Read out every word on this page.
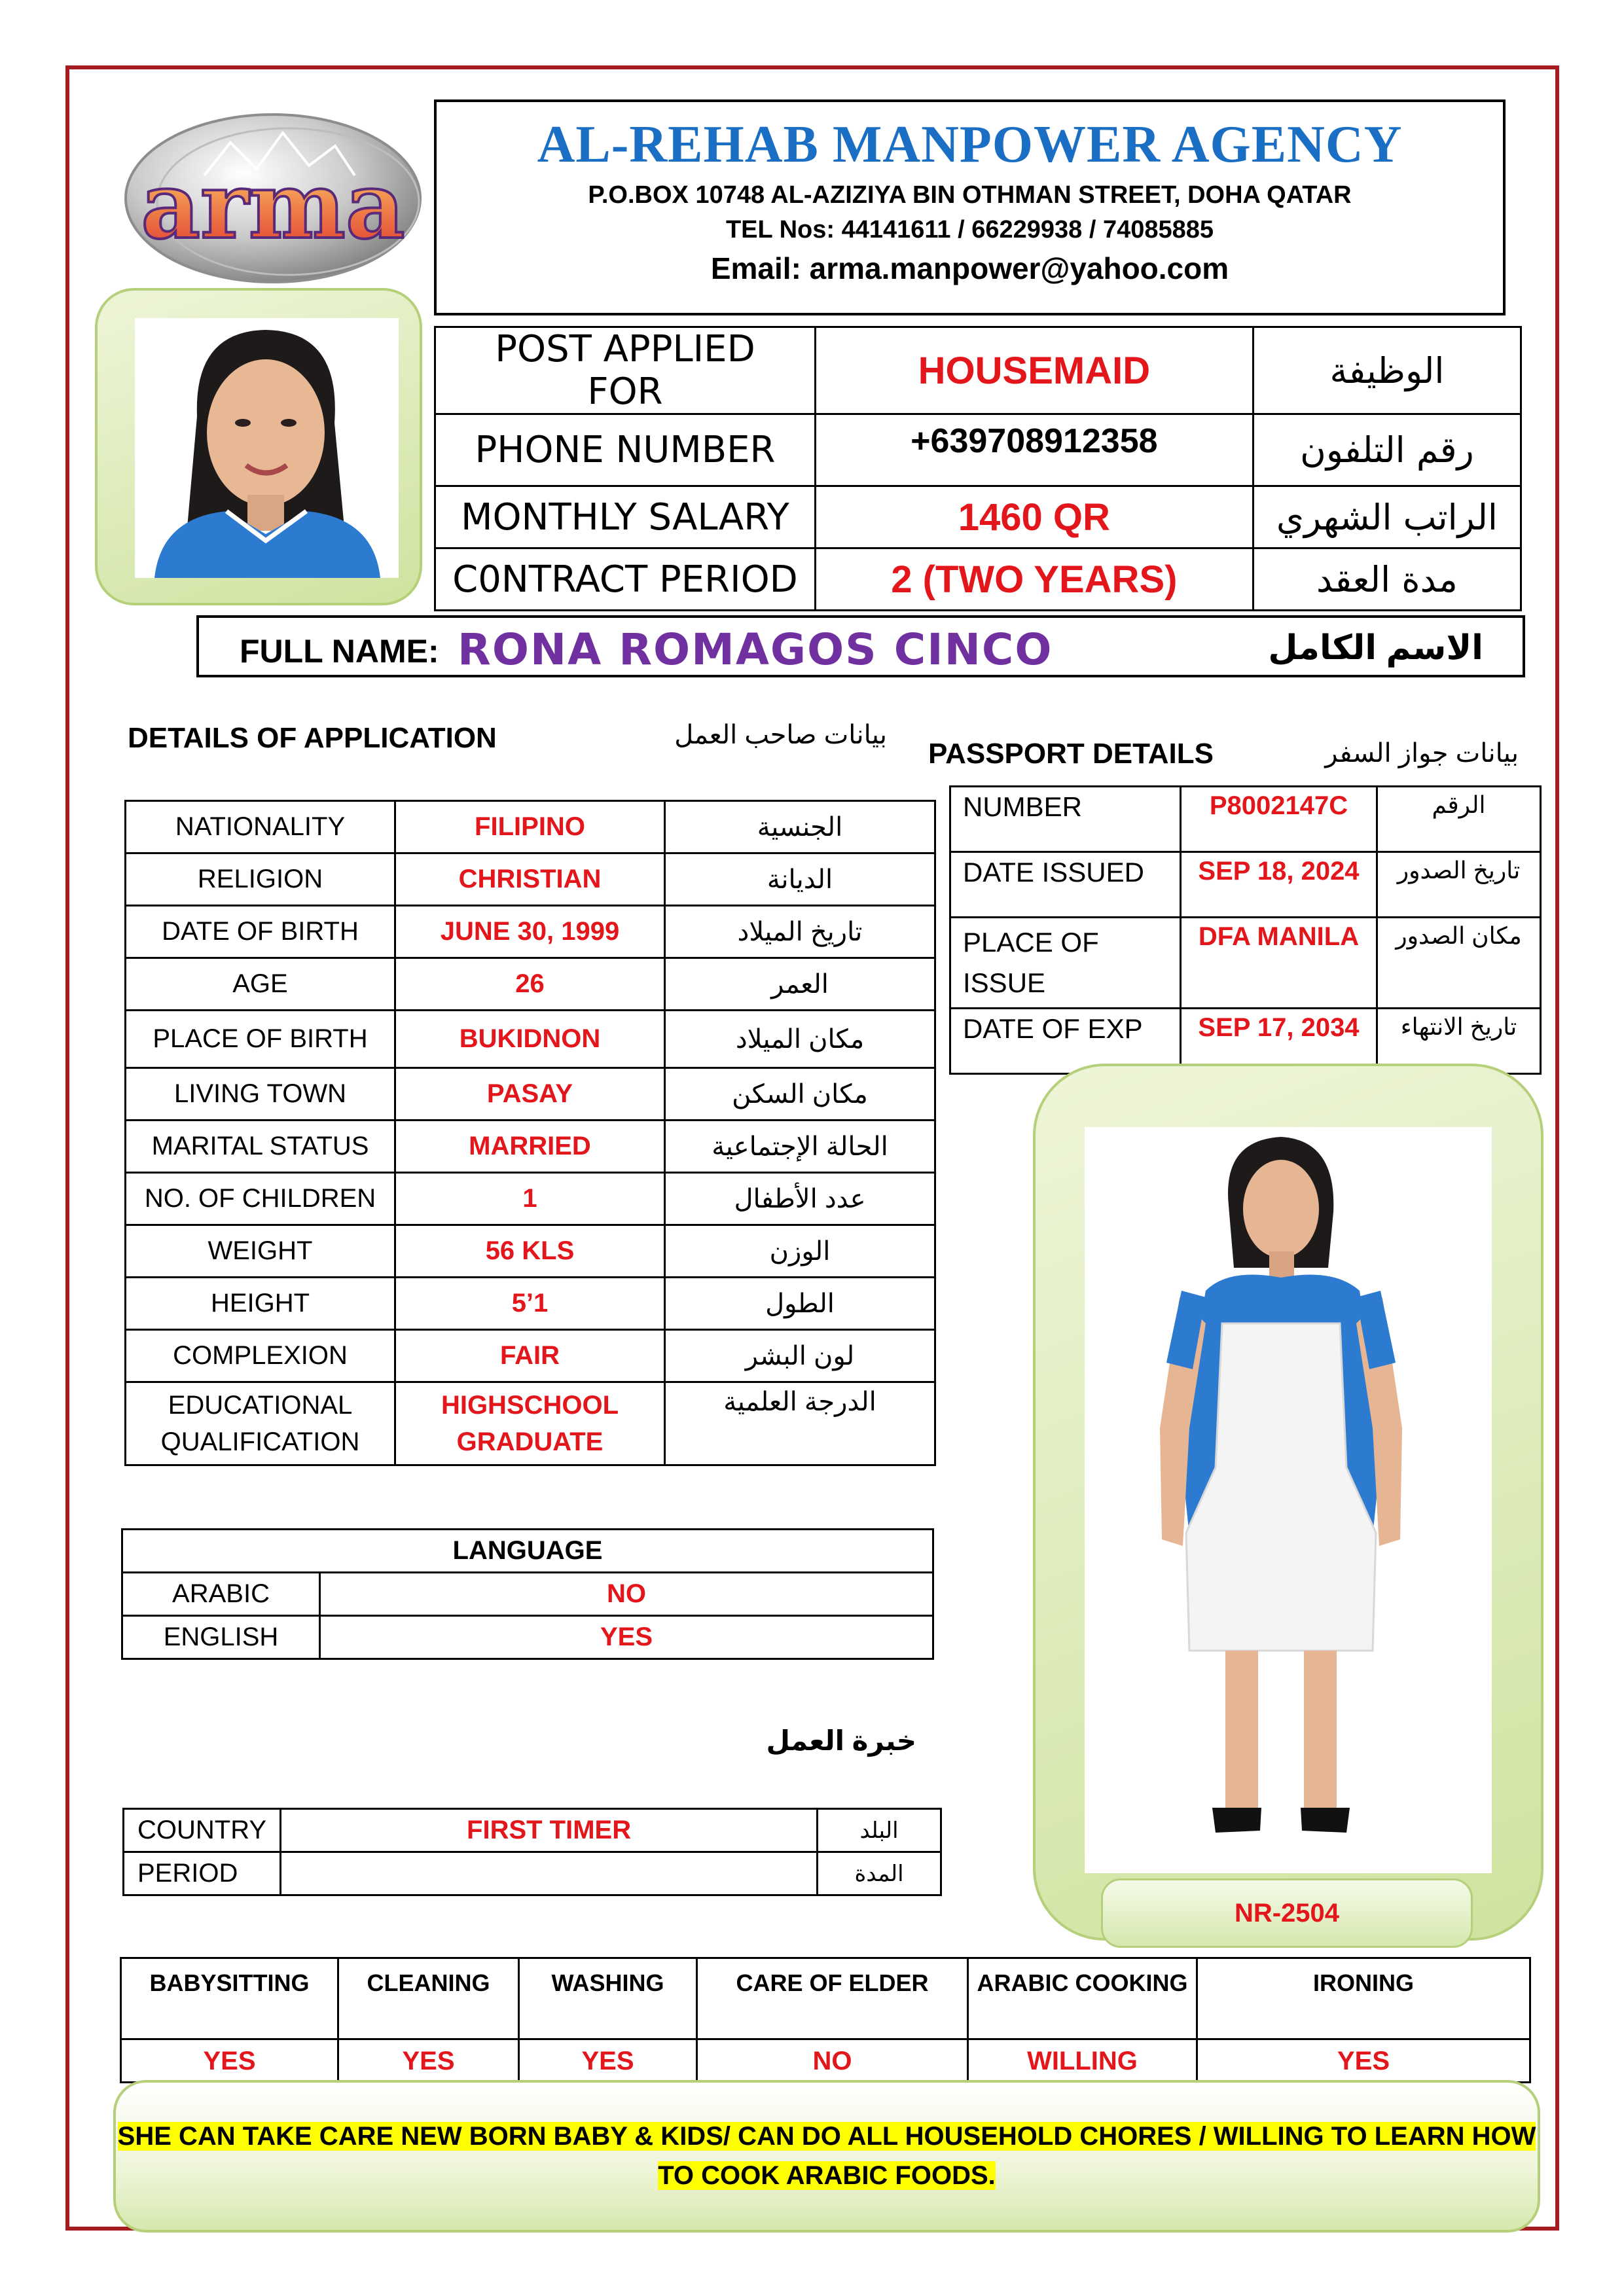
arma
AL-REHAB MANPOWER AGENCY
P.O.BOX 10748 AL-AZIZIYA BIN OTHMAN STREET, DOHA QATAR
TEL Nos: 44141611 / 66229938 / 74085885
Email: arma.manpower@yahoo.com
POST APPLIED FOR	HOUSEMAID	الوظيفة
PHONE NUMBER	+639708912358	رقم التلفون
MONTHLY SALARY	1460 QR	الراتب الشهري
C0NTRACT PERIOD	2 (TWO YEARS)	مدة العقد
FULL NAME: RONA ROMAGOS CINCO	الاسم الكامل
DETAILS OF APPLICATION	بيانات صاحب العمل
PASSPORT DETAILS	بيانات جواز السفر
NATIONALITY	FILIPINO	الجنسية
RELIGION	CHRISTIAN	الديانة
DATE OF BIRTH	JUNE 30, 1999	تاريخ الميلاد
AGE	26	العمر
PLACE OF BIRTH	BUKIDNON	مكان الميلاد
LIVING TOWN	PASAY	مكان السكن
MARITAL STATUS	MARRIED	الحالة الإجتماعية
NO. OF CHILDREN	1	عدد الأطفال
WEIGHT	56 KLS	الوزن
HEIGHT	5’1	الطول
COMPLEXION	FAIR	لون البشر
EDUCATIONAL QUALIFICATION	HIGHSCHOOL GRADUATE	الدرجة العلمية
NUMBER	P8002147C	الرقم
DATE ISSUED	SEP 18, 2024	تاريخ الصدور
PLACE OF ISSUE	DFA MANILA	مكان الصدور
DATE OF EXP	SEP 17, 2034	تاريخ الانتهاء
NR-2504
LANGUAGE	
ARABIC	NO
ENGLISH	YES
خبرة العمل
COUNTRY	FIRST TIMER	البلد
PERIOD		المدة
BABYSITTING	CLEANING	WASHING	CARE OF ELDER	ARABIC COOKING	IRONING
YES	YES	YES	NO	WILLING	YES
SHE CAN TAKE CARE NEW BORN BABY & KIDS/ CAN DO ALL HOUSEHOLD CHORES / WILLING TO LEARN HOW
TO COOK ARABIC FOODS.
